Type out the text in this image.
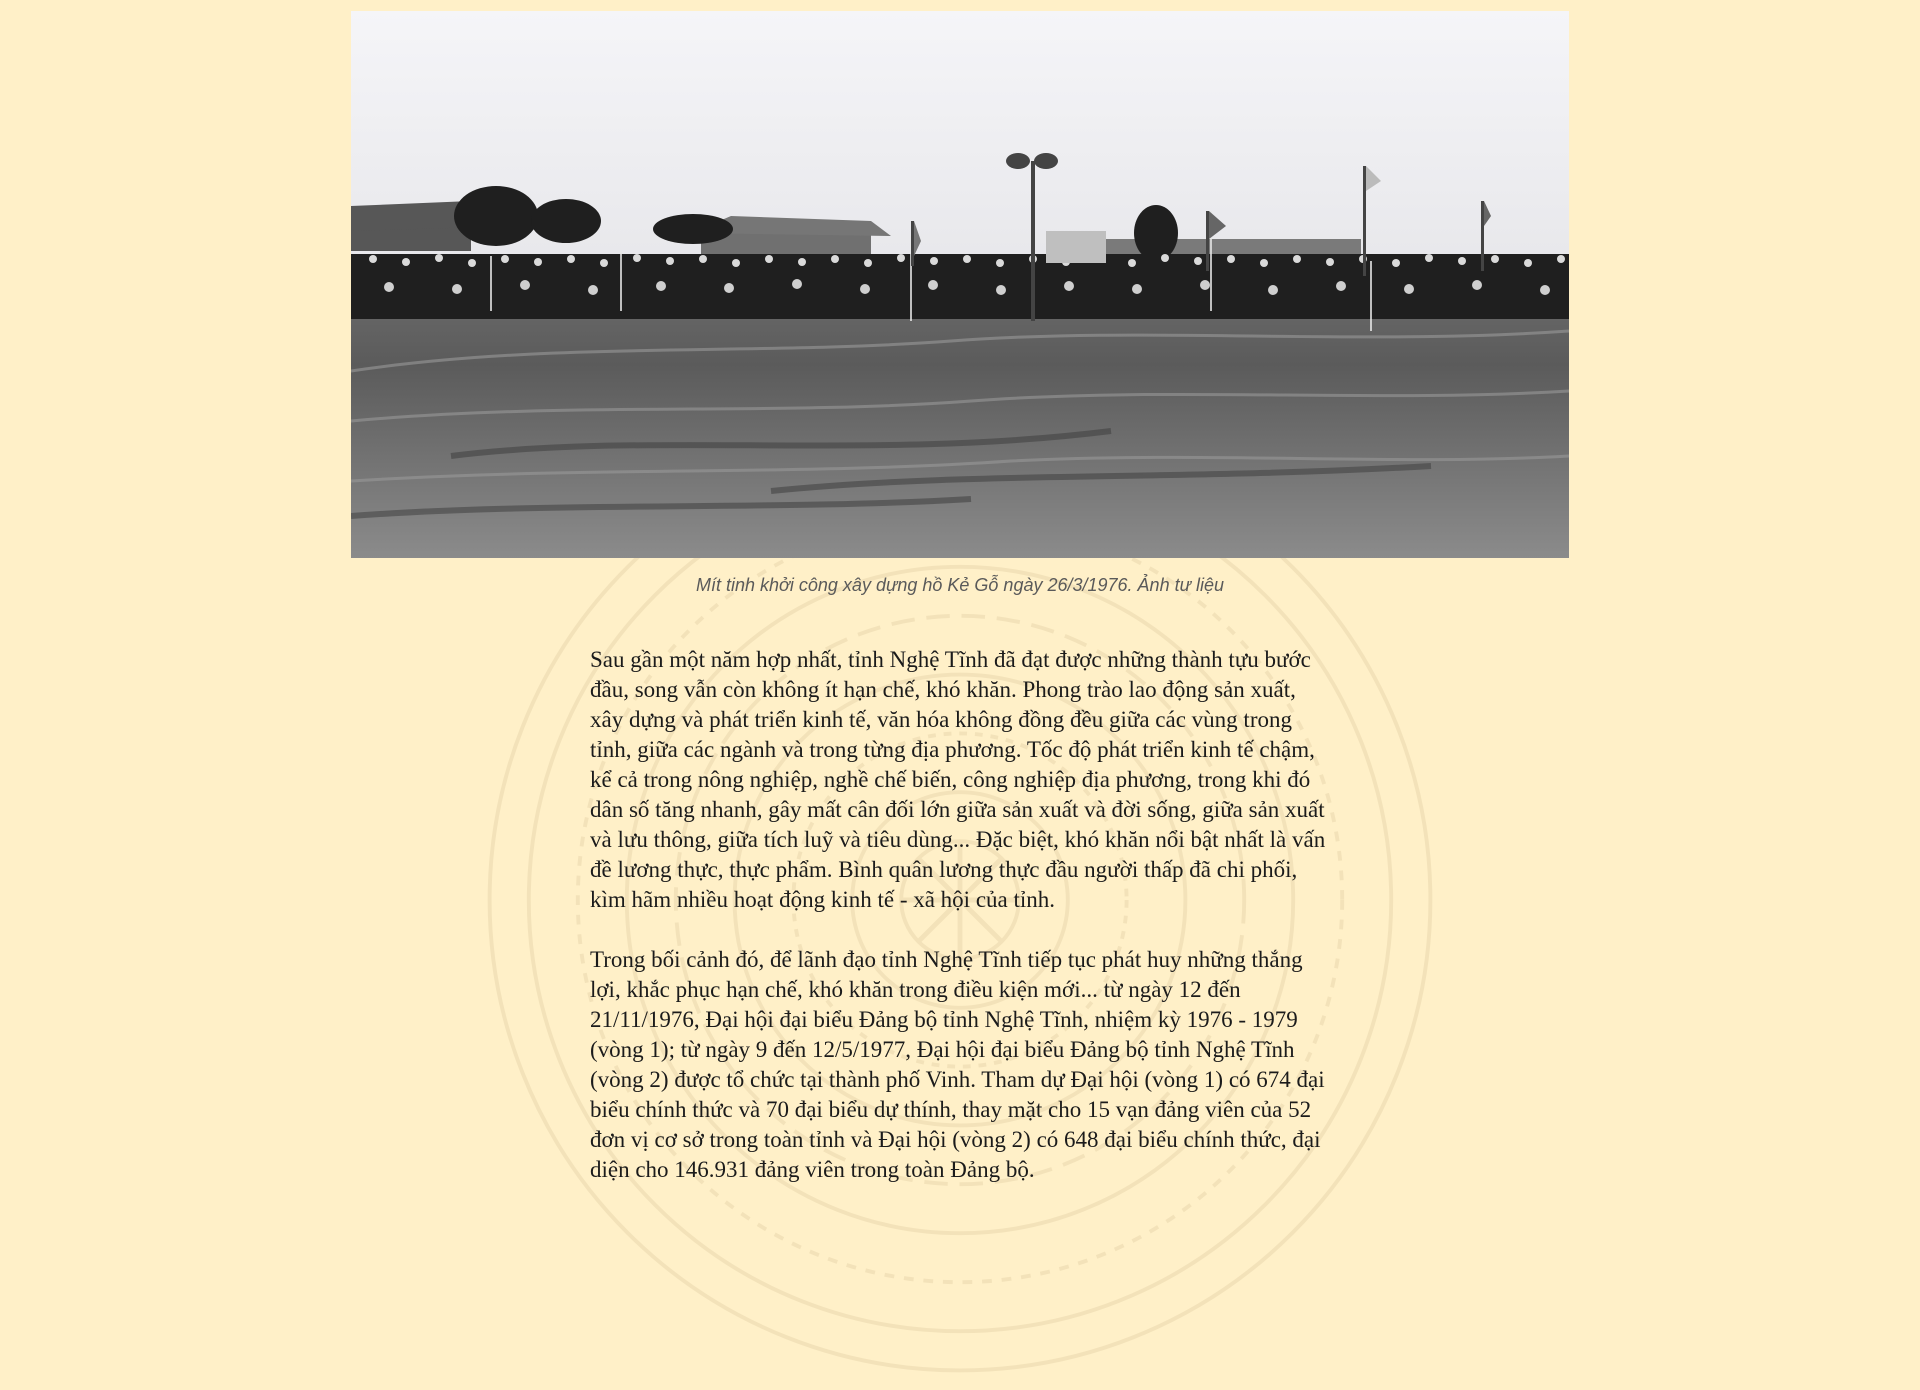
Mít tinh khởi công xây dựng hồ Kẻ Gỗ ngày 26/3/1976. Ảnh tư liệu

Sau gần một năm hợp nhất, tỉnh Nghệ Tĩnh đã đạt được những thành tựu bước đầu, song vẫn còn không ít hạn chế, khó khăn. Phong trào lao động sản xuất, xây dựng và phát triển kinh tế, văn hóa không đồng đều giữa các vùng trong tỉnh, giữa các ngành và trong từng địa phương. Tốc độ phát triển kinh tế chậm, kể cả trong nông nghiệp, nghề chế biến, công nghiệp địa phương, trong khi đó dân số tăng nhanh, gây mất cân đối lớn giữa sản xuất và đời sống, giữa sản xuất và lưu thông, giữa tích luỹ và tiêu dùng... Đặc biệt, khó khăn nổi bật nhất là vấn đề lương thực, thực phẩm. Bình quân lương thực đầu người thấp đã chi phối, kìm hãm nhiều hoạt động kinh tế - xã hội của tỉnh.

Trong bối cảnh đó, để lãnh đạo tỉnh Nghệ Tĩnh tiếp tục phát huy những thắng lợi, khắc phục hạn chế, khó khăn trong điều kiện mới... từ ngày 12 đến 21/11/1976, Đại hội đại biểu Đảng bộ tỉnh Nghệ Tĩnh, nhiệm kỳ 1976 - 1979 (vòng 1); từ ngày 9 đến 12/5/1977, Đại hội đại biểu Đảng bộ tỉnh Nghệ Tĩnh (vòng 2) được tổ chức tại thành phố Vinh. Tham dự Đại hội (vòng 1) có 674 đại biểu chính thức và 70 đại biểu dự thính, thay mặt cho 15 vạn đảng viên của 52 đơn vị cơ sở trong toàn tỉnh và Đại hội (vòng 2) có 648 đại biểu chính thức, đại diện cho 146.931 đảng viên trong toàn Đảng bộ.
